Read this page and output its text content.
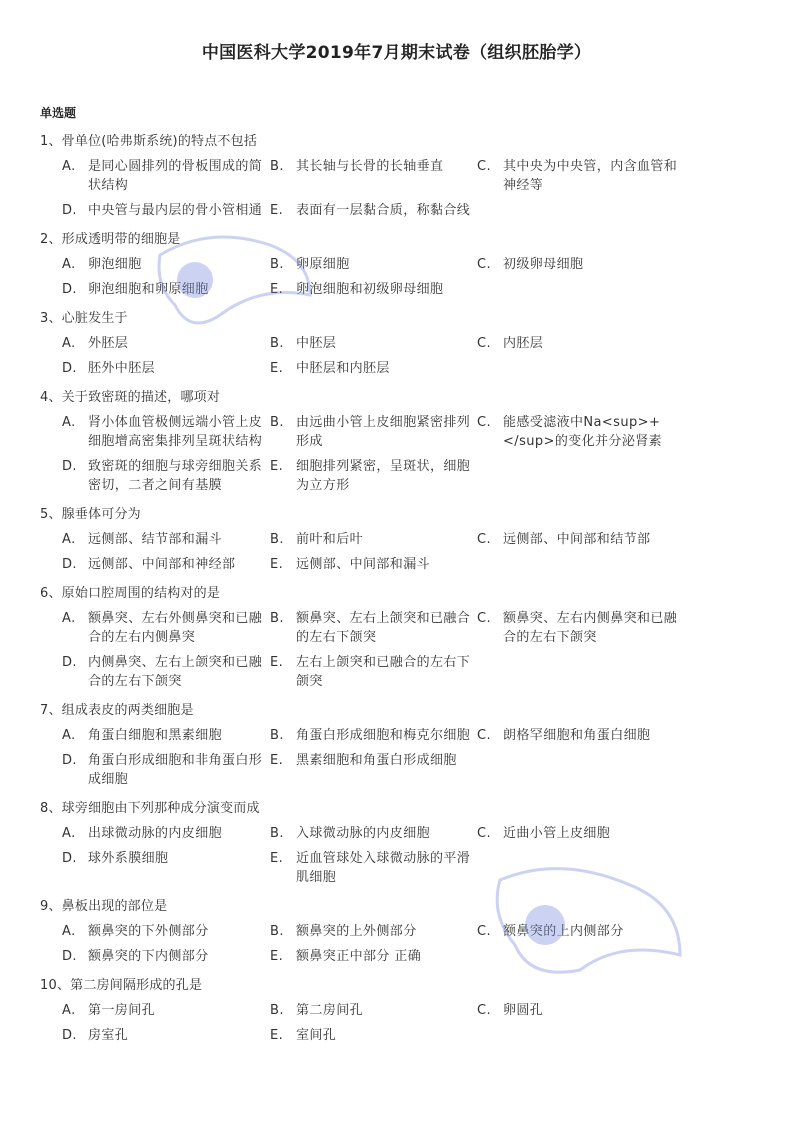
中国医科大学2019年7月期末试卷（组织胚胎学）
单选题
1、骨单位(哈弗斯系统)的特点不包括
A. 是同心圆排列的骨板围成的简状结构
B. 其长轴与长骨的长轴垂直	C. 其中央为中央管，内含血管和神经等
D. 中央管与最内层的骨小管相通 E. 表面有一层黏合质，称黏合线
2、形成透明带的细胞是
A. 卵泡细胞	B. 卵原细胞	C. 初级卵母细胞
D. 卵泡细胞和卵原细胞	E. 卵泡细胞和初级卵母细胞
3、心脏发生于
A. 外胚层	B. 中胚层	C. 内胚层
D. 胚外中胚层	E. 中胚层和内胚层
4、关于致密斑的描述，哪项对
A. 肾小体血管极侧远端小管上皮细胞增高密集排列呈斑状结构
B. 由远曲小管上皮细胞紧密排列形成
C. 能感受滤液中Na<sup>+</sup>的变化并分泌肾素
D. 致密斑的细胞与球旁细胞关系密切，二者之间有基膜
E. 细胞排列紧密，呈斑状，细胞为立方形
5、腺垂体可分为
A. 远侧部、结节部和漏斗	B. 前叶和后叶	C. 远侧部、中间部和结节部
D. 远侧部、中间部和神经部	E. 远侧部、中间部和漏斗
6、原始口腔周围的结构对的是
A. 额鼻突、左右外侧鼻突和已融合的左右内侧鼻突
B. 额鼻突、左右上颌突和已融合的左右下颌突
C. 额鼻突、左右内侧鼻突和已融合的左右下颌突
D. 内侧鼻突、左右上颌突和已融合的左右下颌突
E. 左右上颌突和已融合的左右下颌突
7、组成表皮的两类细胞是
A. 角蛋白细胞和黑素细胞	B. 角蛋白形成细胞和梅克尔细胞 C. 朗格罕细胞和角蛋白细胞
D. 角蛋白形成细胞和非角蛋白形成细胞
E. 黑素细胞和角蛋白形成细胞
8、球旁细胞由下列那种成分演变而成
A. 出球微动脉的内皮细胞	B. 入球微动脉的内皮细胞	C. 近曲小管上皮细胞
D. 球外系膜细胞	E. 近血管球处入球微动脉的平滑肌细胞
9、鼻板出现的部位是
A. 额鼻突的下外侧部分	B. 额鼻突的上外侧部分	C. 额鼻突的上内侧部分
D. 额鼻突的下内侧部分	E. 额鼻突正中部分 正确
10、第二房间隔形成的孔是
A. 第一房间孔	B. 第二房间孔	C. 卵圆孔
D. 房室孔	E. 室间孔
